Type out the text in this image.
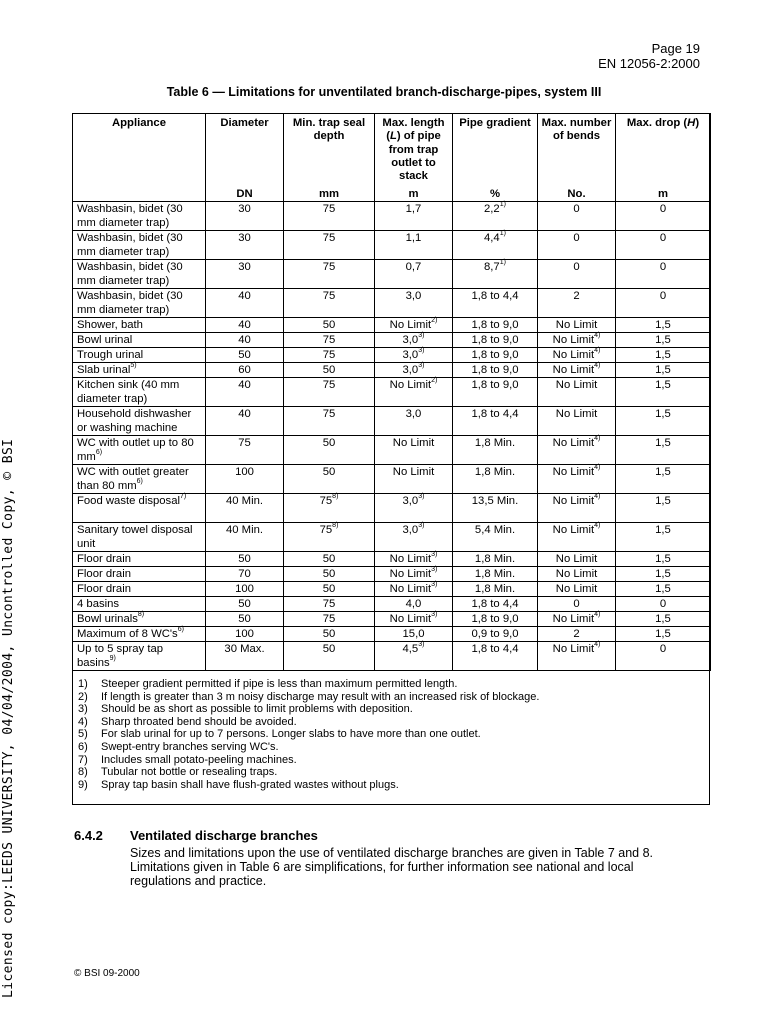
Page 19
EN 12056-2:2000
Table 6 — Limitations for unventilated branch-discharge-pipes, system III
Licensed copy:LEEDS UNIVERSITY, 04/04/2004, Uncontrolled Copy, © BSI
Appliance	Diameter	Min. trap seal depth	Max. length (L) of pipe from trap outlet to stack	Pipe gradient	Max. number of bends	Max. drop (H)
	DN	mm	m	%	No.	m
Washbasin, bidet (30 mm diameter trap)	30	75	1,7	2,2$^{1)}$	0	0
Washbasin, bidet (30 mm diameter trap)	30	75	1,1	4,4$^{1)}$	0	0
Washbasin, bidet (30 mm diameter trap)	30	75	0,7	8,7$^{1)}$	0	0
Washbasin, bidet (30 mm diameter trap)	40	75	3,0	1,8 to 4,4	2	0
Shower, bath	40	50	No Limit$^{2)}$	1,8 to 9,0	No Limit	1,5
Bowl urinal	40	75	3,0$^{3)}$	1,8 to 9,0	No Limit$^{4)}$	1,5
Trough urinal	50	75	3,0$^{3)}$	1,8 to 9,0	No Limit$^{4)}$	1,5
Slab urinal$^{5)}$	60	50	3,0$^{3)}$	1,8 to 9,0	No Limit$^{4)}$	1,5
Kitchen sink (40 mm diameter trap)	40	75	No Limit$^{2)}$	1,8 to 9,0	No Limit	1,5
Household dishwasher or washing machine	40	75	3,0	1,8 to 4,4	No Limit	1,5
WC with outlet up to 80 $mm^{6)}$	75	50	No Limit	1,8 Min.	No Limit$^{4)}$	1,5
WC with outlet greater than 80 $mm^{6)}$	100	50	No Limit	1,8 Min.	No Limit$^{4)}$	1,5
Food waste disposal$^{7)}$	40 Min.	75$^{8)}$	3,0$^{3)}$	13,5 Min.	No Limit$^{4)}$	1,5
Sanitary towel disposal unit	40 Min.	75$^{8)}$	3,0$^{3)}$	5,4 Min.	No Limit$^{4)}$	1,5
Floor drain	50	50	No Limit$^{3)}$	1,8 Min.	No Limit	1,5
Floor drain	70	50	No Limit$^{3)}$	1,8 Min.	No Limit	1,5
Floor drain	100	50	No Limit$^{3)}$	1,8 Min.	No Limit	1,5
4 basins	50	75	4,0	1,8 to 4,4	0	0
Bowl urinals$^{8)}$	50	75	No Limit$^{3)}$	1,8 to 9,0	No Limit$^{4)}$	1,5
Maximum of 8 $WC's^{6)}$	100	50	15,0	0,9 to 9,0	2	1,5
Up to 5 spray tap basins$^{9)}$	30 Max.	50	4,5$^{3)}$	1,8 to 4,4	No Limit$^{4)}$	0
1)	Steeper gradient permitted if pipe is less than maximum permitted length.
2)	If length is greater than 3 m noisy discharge may result with an increased risk of blockage.
3)	Should be as short as possible to limit problems with deposition.
4)	Sharp throated bend should be avoided.
5)	For slab urinal for up to 7 persons. Longer slabs to have more than one outlet.
6)	Swept-entry branches serving WC's.
7)	Includes small potato-peeling machines.
8)	Tubular not bottle or resealing traps.
9)	Spray tap basin shall have flush-grated wastes without plugs.
6.4.2 Ventilated discharge branches
Sizes and limitations upon the use of ventilated discharge branches are given in Table 7 and 8.
Limitations given in Table 6 are simplifications, for further information see national and local regulations and practice.
© BSI 09-2000
